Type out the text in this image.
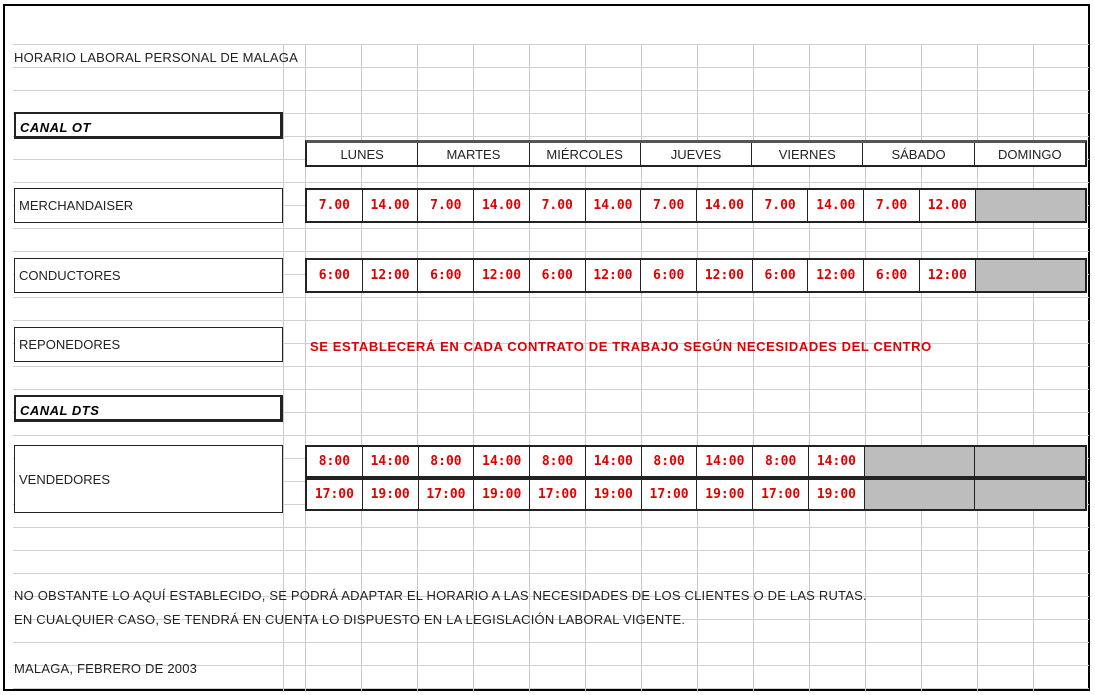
HORARIO LABORAL PERSONAL DE MALAGA
CANAL OT
LUNES	MARTES	MIÉRCOLES	JUEVES	VIERNES	SÁBADO	DOMINGO
MERCHANDAISER	7.00	14.00	7.00	14.00	7.00	14.00	7.00	14.00	7.00	14.00	7.00	12.00
CONDUCTORES	6:00	12:00	6:00	12:00	6:00	12:00	6:00	12:00	6:00	12:00	6:00	12:00
REPONEDORES	SE ESTABLECERÁ EN CADA CONTRATO DE TRABAJO SEGÚN NECESIDADES DEL CENTRO
CANAL DTS
VENDEDORES
8:00	14:00	8:00	14:00	8:00	14:00	8:00	14:00	8:00	14:00
17:00	19:00	17:00	19:00	17:00	19:00	17:00	19:00	17:00	19:00
NO OBSTANTE LO AQUÍ ESTABLECIDO, SE PODRÁ ADAPTAR EL HORARIO A LAS NECESIDADES DE LOS CLIENTES O DE LAS RUTAS.
EN CUALQUIER CASO, SE TENDRÁ EN CUENTA LO DISPUESTO EN LA LEGISLACIÓN LABORAL VIGENTE.
MALAGA, FEBRERO DE 2003
